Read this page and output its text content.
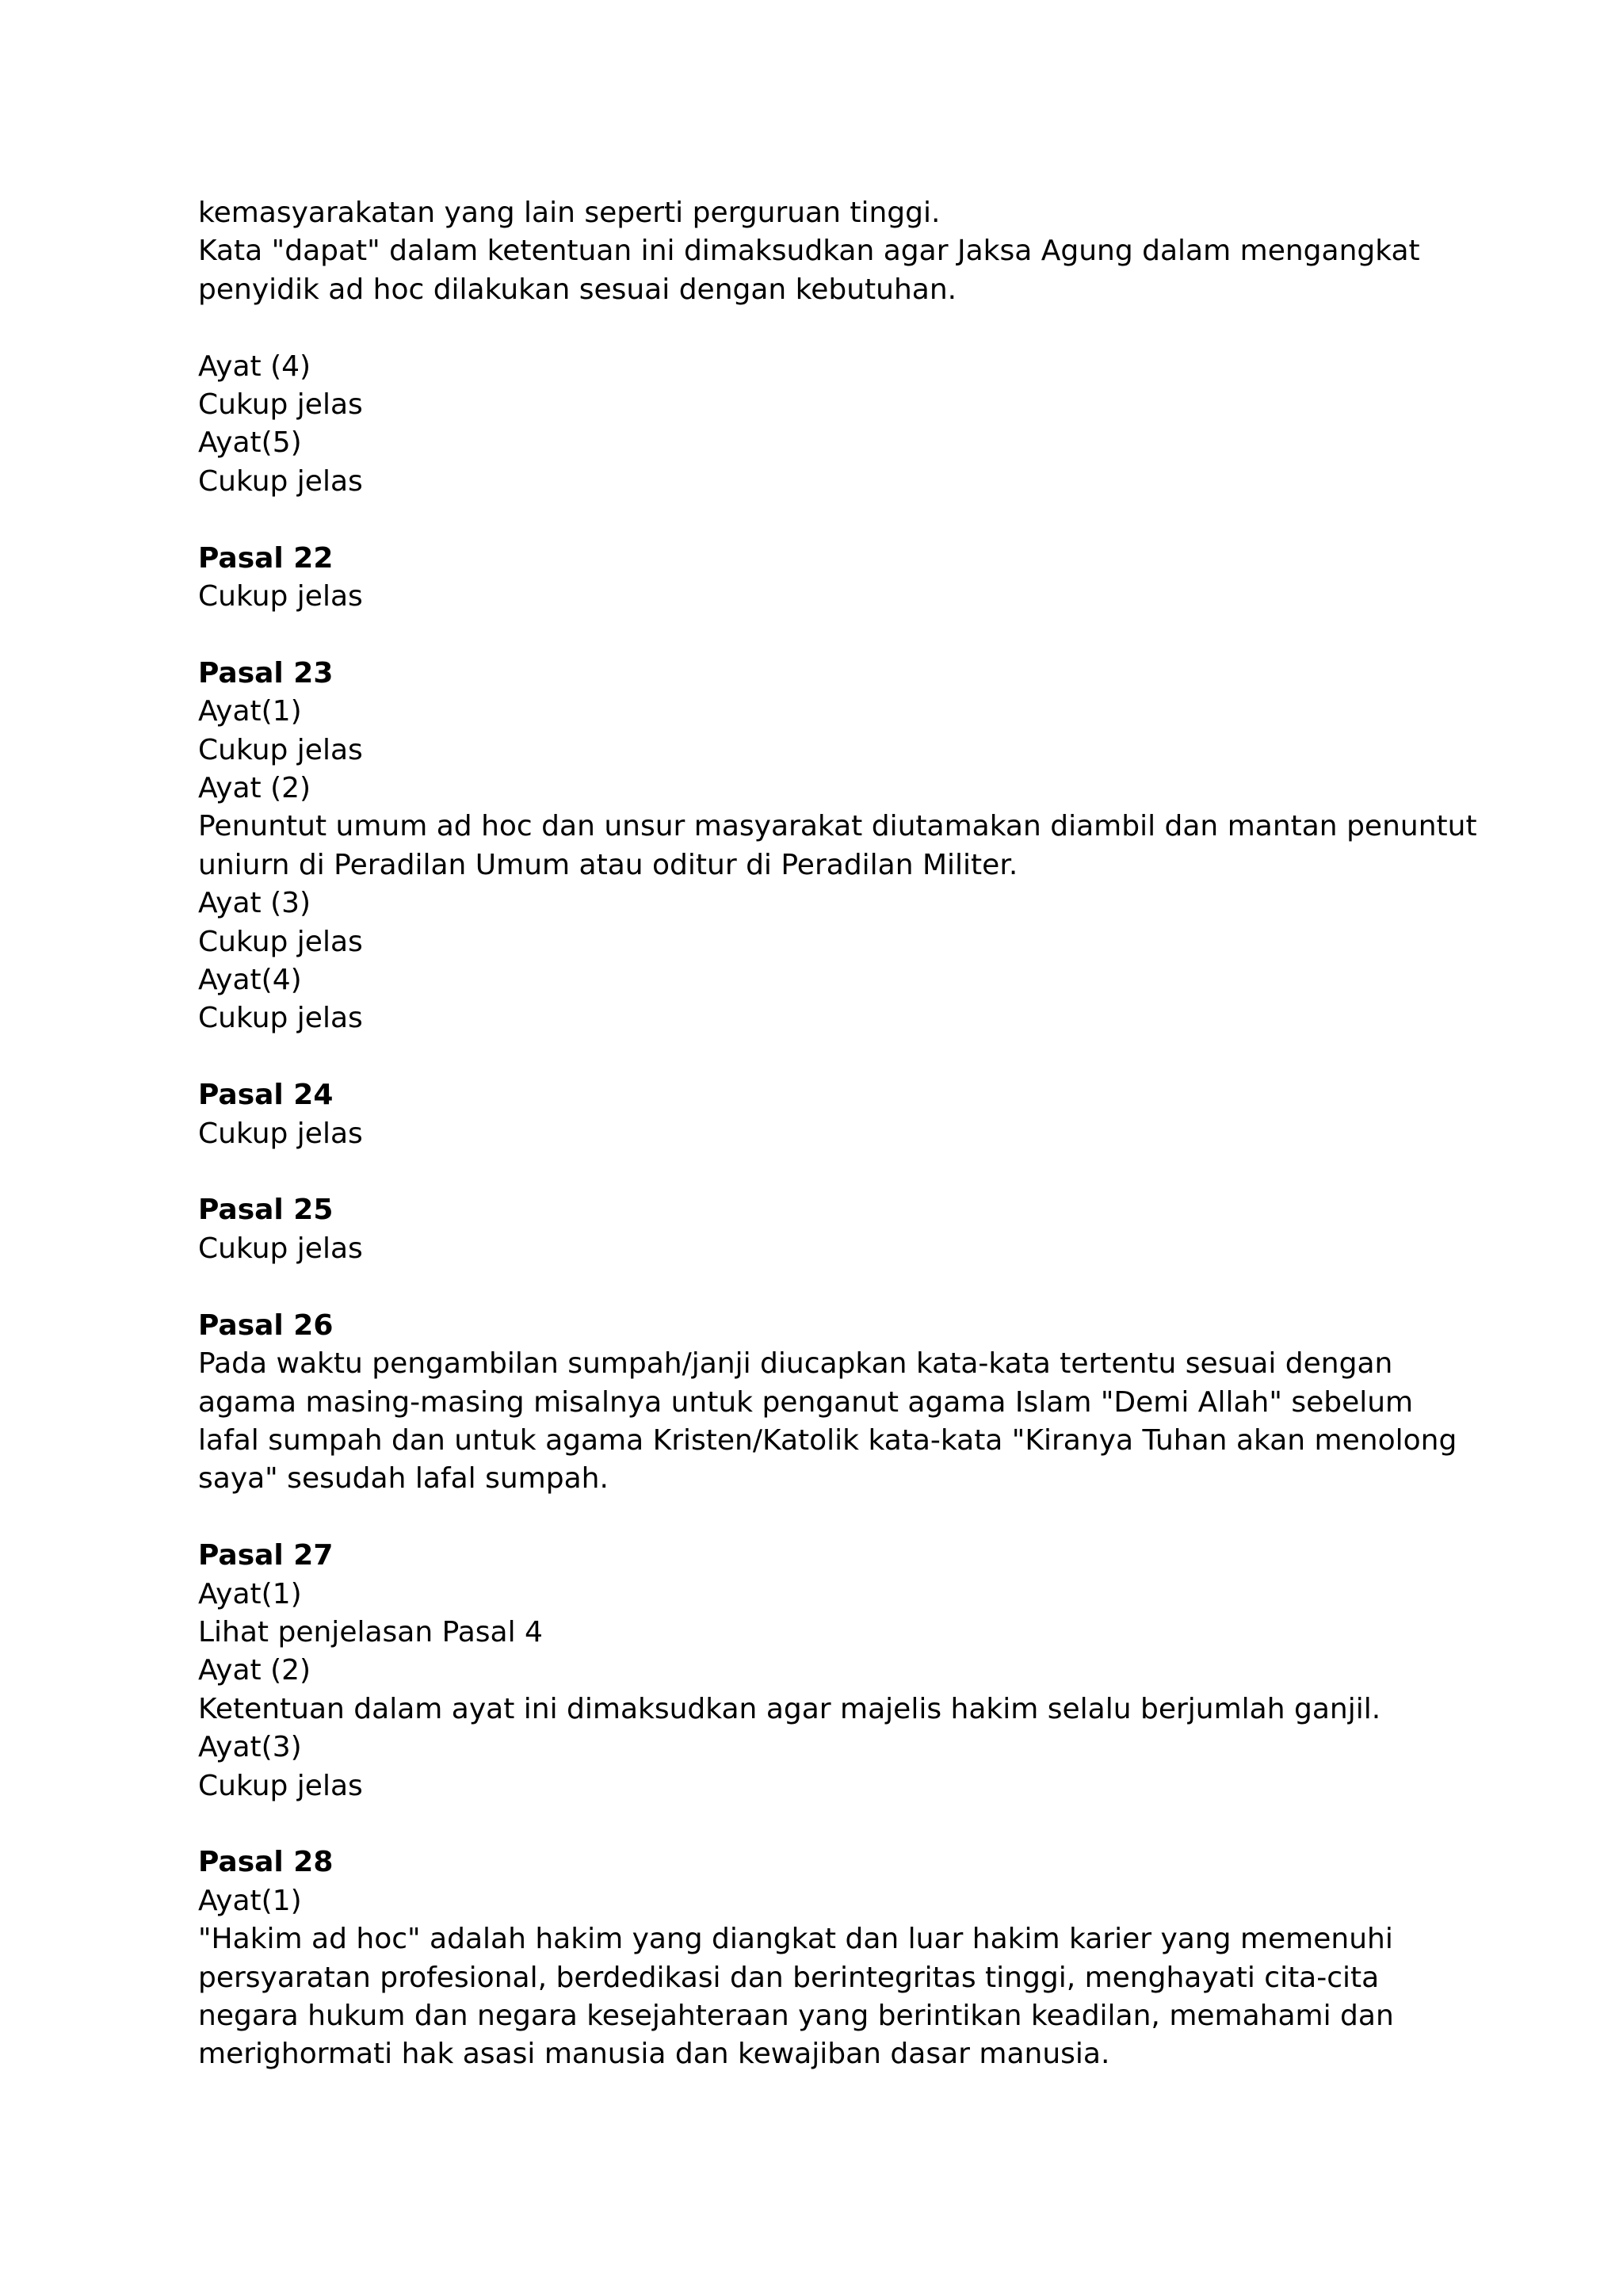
kemasyarakatan yang lain seperti perguruan tinggi.
Kata "dapat" dalam ketentuan ini dimaksudkan agar Jaksa Agung dalam mengangkat
penyidik ad hoc dilakukan sesuai dengan kebutuhan.
Ayat (4)
Cukup jelas
Ayat(5)
Cukup jelas
Pasal 22
Cukup jelas
Pasal 23
Ayat(1)
Cukup jelas
Ayat (2)
Penuntut umum ad hoc dan unsur masyarakat diutamakan diambil dan mantan penuntut
uniurn di Peradilan Umum atau oditur di Peradilan Militer.
Ayat (3)
Cukup jelas
Ayat(4)
Cukup jelas
Pasal 24
Cukup jelas
Pasal 25
Cukup jelas
Pasal 26
Pada waktu pengambilan sumpah/janji diucapkan kata-kata tertentu sesuai dengan
agama masing-masing misalnya untuk penganut agama Islam "Demi Allah" sebelum
lafal sumpah dan untuk agama Kristen/Katolik kata-kata "Kiranya Tuhan akan menolong
saya" sesudah lafal sumpah.
Pasal 27
Ayat(1)
Lihat penjelasan Pasal 4
Ayat (2)
Ketentuan dalam ayat ini dimaksudkan agar majelis hakim selalu berjumlah ganjil.
Ayat(3)
Cukup jelas
Pasal 28
Ayat(1)
"Hakim ad hoc" adalah hakim yang diangkat dan luar hakim karier yang memenuhi
persyaratan profesional, berdedikasi dan berintegritas tinggi, menghayati cita-cita
negara hukum dan negara kesejahteraan yang berintikan keadilan, memahami dan
merighormati hak asasi manusia dan kewajiban dasar manusia.
